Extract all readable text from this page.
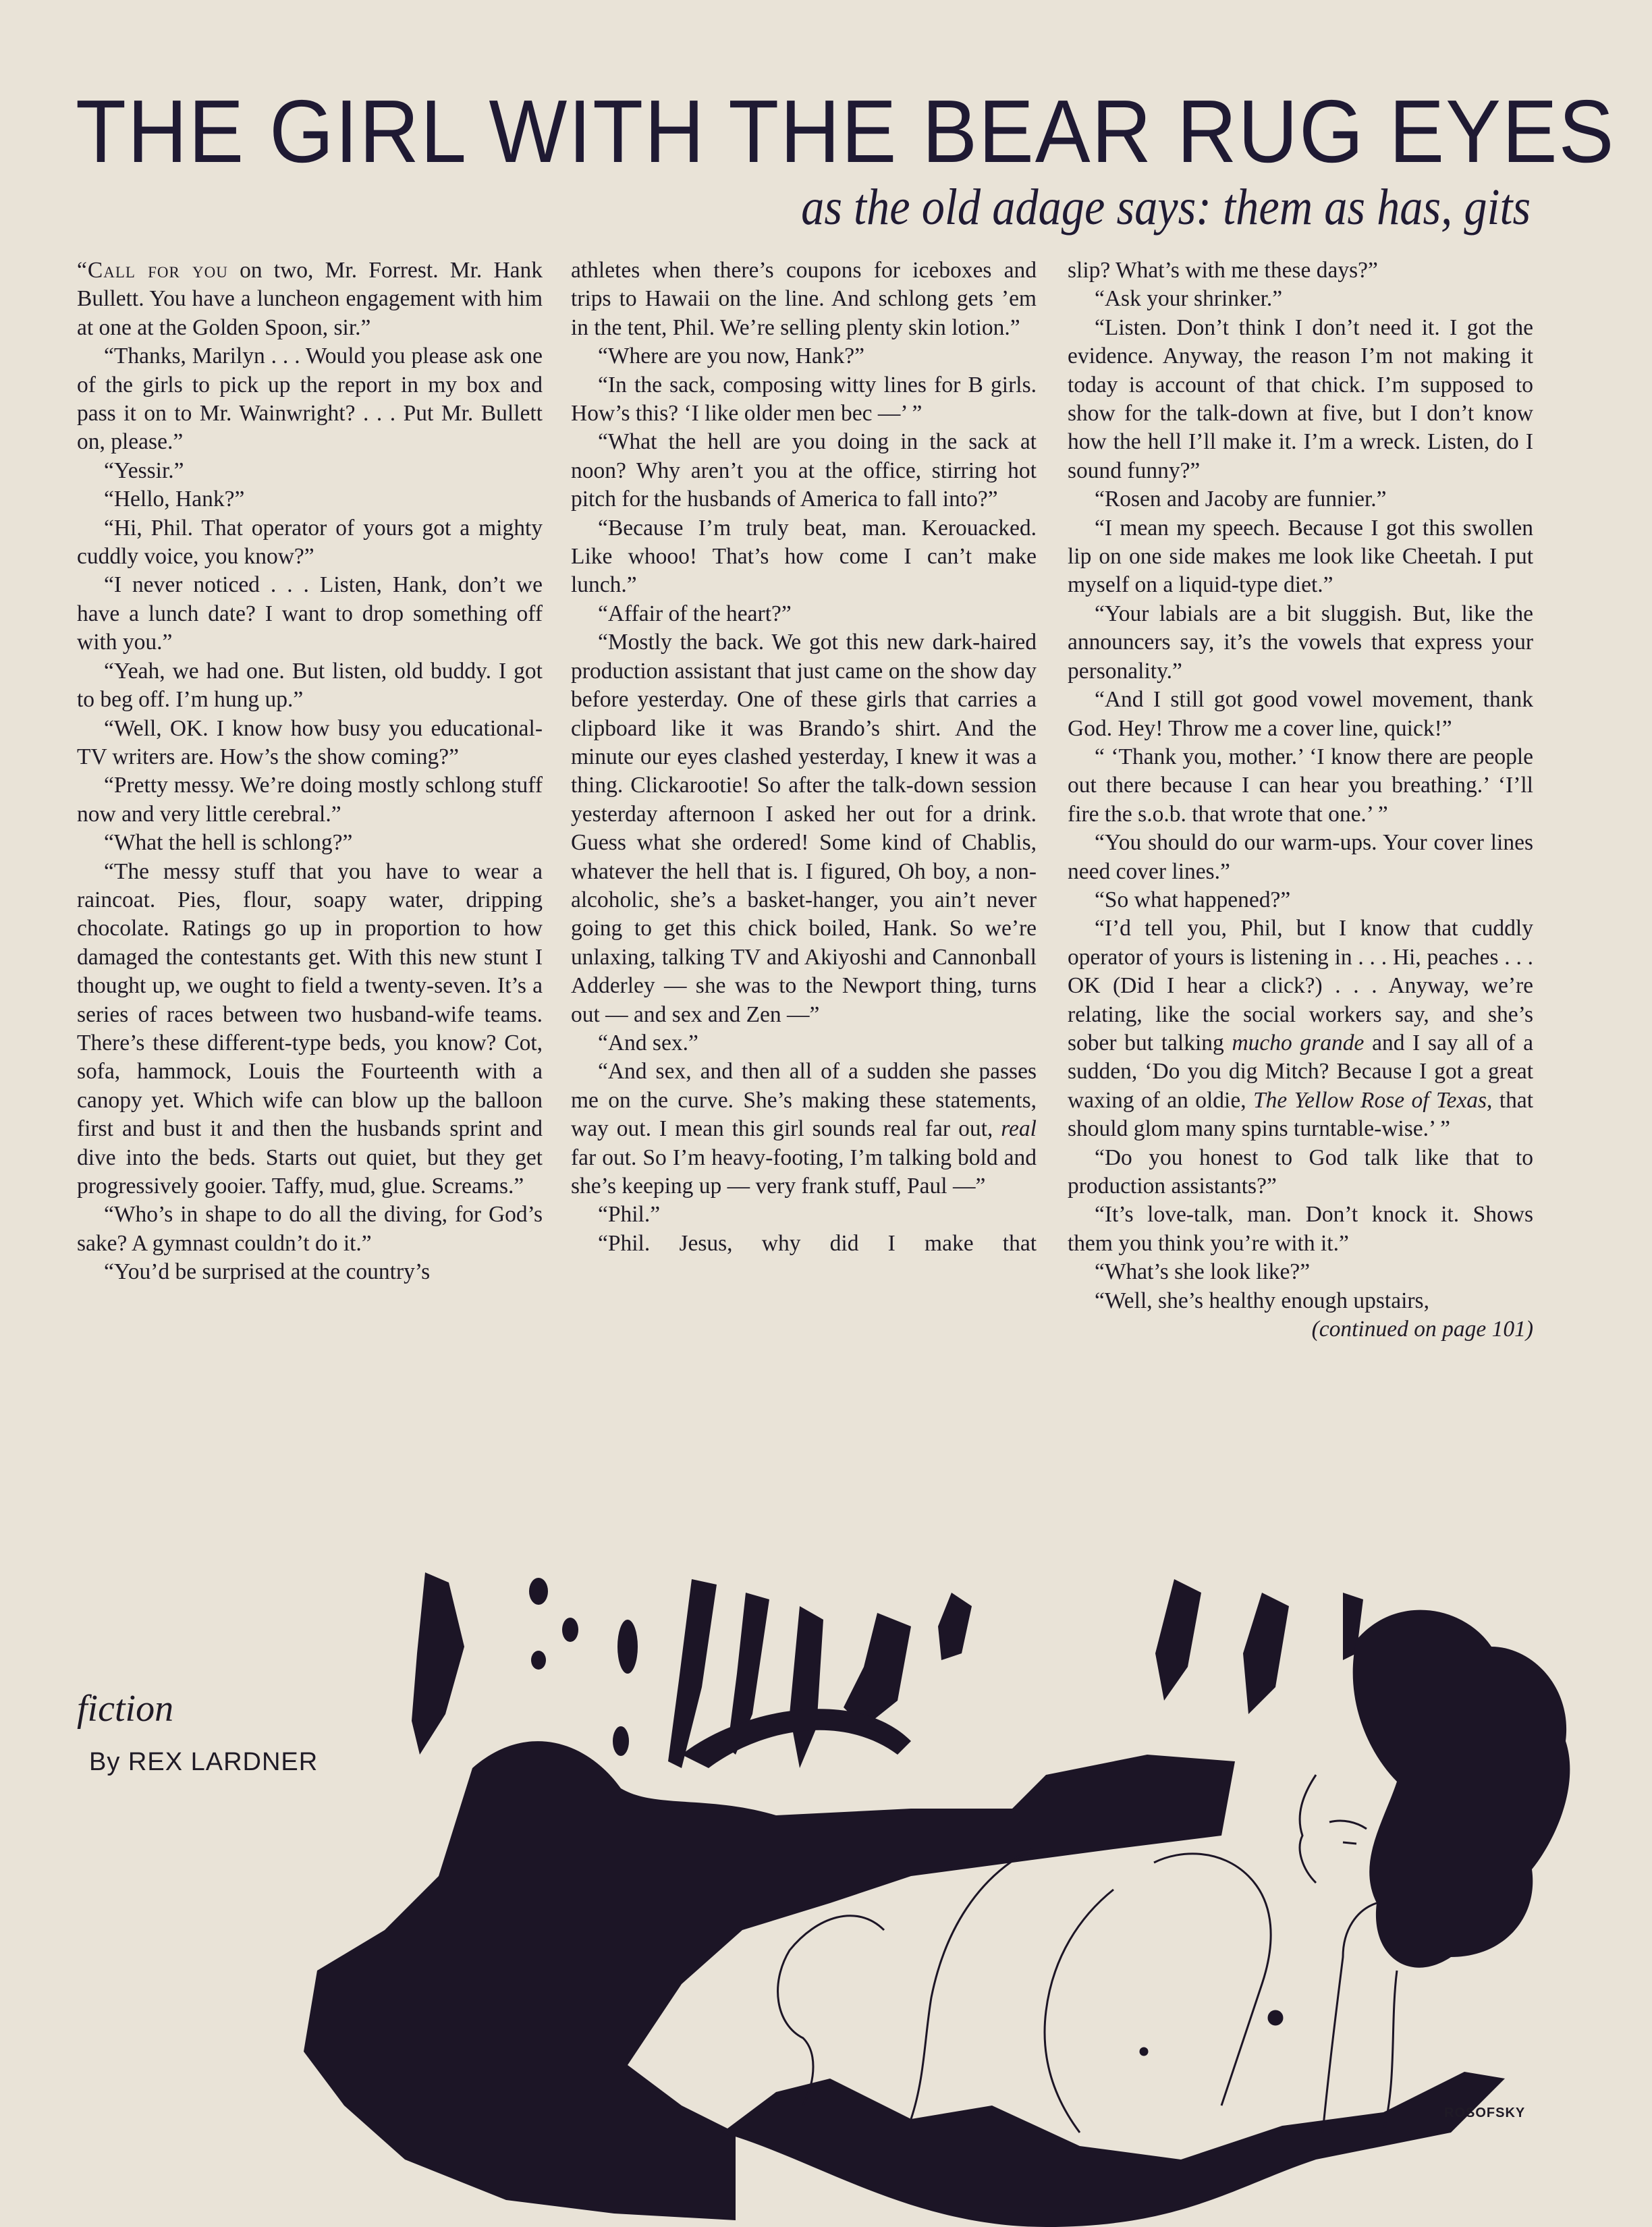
THE GIRL WITH THE BEAR RUG EYES
as the old adage says: them as has, gits

“Call for you on two, Mr. Forrest. Mr. Hank Bullett. You have a luncheon engagement with him at one at the Golden Spoon, sir.”

“Thanks, Marilyn . . . Would you please ask one of the girls to pick up the report in my box and pass it on to Mr. Wainwright? . . . Put Mr. Bullett on, please.”

“Yessir.”

“Hello, Hank?”

“Hi, Phil. That operator of yours got a mighty cuddly voice, you know?”

“I never noticed . . . Listen, Hank, don’t we have a lunch date? I want to drop something off with you.”

“Yeah, we had one. But listen, old buddy. I got to beg off. I’m hung up.”

“Well, OK. I know how busy you educational-TV writers are. How’s the show coming?”

“Pretty messy. We’re doing mostly schlong stuff now and very little cerebral.”

“What the hell is schlong?”

“The messy stuff that you have to wear a raincoat. Pies, flour, soapy water, dripping chocolate. Ratings go up in proportion to how damaged the contestants get. With this new stunt I thought up, we ought to field a twenty-seven. It’s a series of races between two husband-wife teams. There’s these different-type beds, you know? Cot, sofa, hammock, Louis the Fourteenth with a canopy yet. Which wife can blow up the balloon first and bust it and then the husbands sprint and dive into the beds. Starts out quiet, but they get progressively gooier. Taffy, mud, glue. Screams.”

“Who’s in shape to do all the diving, for God’s sake? A gymnast couldn’t do it.”

“You’d be surprised at the country’s

athletes when there’s coupons for iceboxes and trips to Hawaii on the line. And schlong gets ’em in the tent, Phil. We’re selling plenty skin lotion.”

“Where are you now, Hank?”

“In the sack, composing witty lines for B girls. How’s this? ‘I like older men bec —’ ”

“What the hell are you doing in the sack at noon? Why aren’t you at the office, stirring hot pitch for the husbands of America to fall into?”

“Because I’m truly beat, man. Kerouacked. Like whooo! That’s how come I can’t make lunch.”

“Affair of the heart?”

“Mostly the back. We got this new dark-haired production assistant that just came on the show day before yesterday. One of these girls that carries a clipboard like it was Brando’s shirt. And the minute our eyes clashed yesterday, I knew it was a thing. Clickarootie! So after the talk-down session yesterday afternoon I asked her out for a drink. Guess what she ordered! Some kind of Chablis, whatever the hell that is. I figured, Oh boy, a non-alcoholic, she’s a basket-hanger, you ain’t never going to get this chick boiled, Hank. So we’re unlaxing, talking TV and Akiyoshi and Cannonball Adderley — she was to the Newport thing, turns out — and sex and Zen —”

“And sex.”

“And sex, and then all of a sudden she passes me on the curve. She’s making these statements, way out. I mean this girl sounds real far out, real far out. So I’m heavy-footing, I’m talking bold and she’s keeping up — very frank stuff, Paul —”

“Phil.”

“Phil. Jesus, why did I make that

slip? What’s with me these days?”

“Ask your shrinker.”

“Listen. Don’t think I don’t need it. I got the evidence. Anyway, the reason I’m not making it today is account of that chick. I’m supposed to show for the talk-down at five, but I don’t know how the hell I’ll make it. I’m a wreck. Listen, do I sound funny?”

“Rosen and Jacoby are funnier.”

“I mean my speech. Because I got this swollen lip on one side makes me look like Cheetah. I put myself on a liquid-type diet.”

“Your labials are a bit sluggish. But, like the announcers say, it’s the vowels that express your personality.”

“And I still got good vowel movement, thank God. Hey! Throw me a cover line, quick!”

“ ‘Thank you, mother.’ ‘I know there are people out there because I can hear you breathing.’ ‘I’ll fire the s.o.b. that wrote that one.’ ”

“You should do our warm-ups. Your cover lines need cover lines.”

“So what happened?”

“I’d tell you, Phil, but I know that cuddly operator of yours is listening in . . . Hi, peaches . . . OK (Did I hear a click?) . . . Anyway, we’re relating, like the social workers say, and she’s sober but talking mucho grande and I say all of a sudden, ‘Do you dig Mitch? Because I got a great waxing of an oldie, The Yellow Rose of Texas, that should glom many spins turntable-wise.’ ”

“Do you honest to God talk like that to production assistants?”

“It’s love-talk, man. Don’t knock it. Shows them you think you’re with it.”

“What’s she look like?”

“Well, she’s healthy enough upstairs,

(continued on page 101)

fiction
By REX LARDNER
ROSOFSKY
